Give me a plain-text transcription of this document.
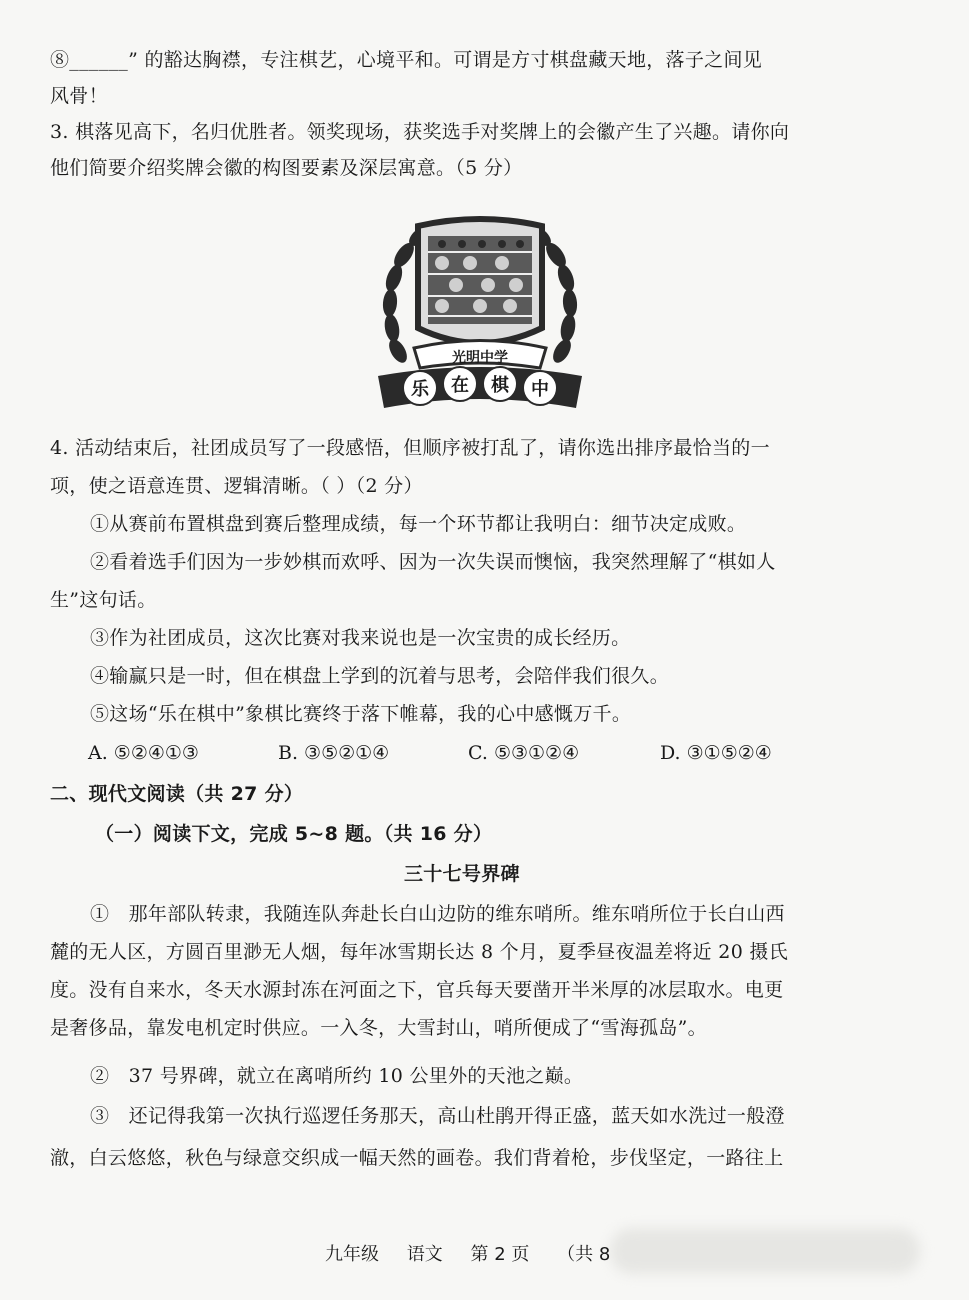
⑧______” 的豁达胸襟，专注棋艺，心境平和。可谓是方寸棋盘藏天地，落子之间见
风骨！
3. 棋落见高下，名归优胜者。领奖现场，获奖选手对奖牌上的会徽产生了兴趣。请你向
他们简要介绍奖牌会徽的构图要素及深层寓意。（5 分）
光明中学
乐 在 棋 中
4. 活动结束后，社团成员写了一段感悟，但顺序被打乱了，请你选出排序最恰当的一
项，使之语意连贯、逻辑清晰。（ ）（2 分）
①从赛前布置棋盘到赛后整理成绩，每一个环节都让我明白：细节决定成败。
②看着选手们因为一步妙棋而欢呼、因为一次失误而懊恼，我突然理解了“棋如人
生”这句话。
③作为社团成员，这次比赛对我来说也是一次宝贵的成长经历。
④输赢只是一时，但在棋盘上学到的沉着与思考，会陪伴我们很久。
⑤这场“乐在棋中”象棋比赛终于落下帷幕，我的心中感慨万千。
A. ⑤②④①③	B. ③⑤②①④	C. ⑤③①②④	D. ③①⑤②④
二、现代文阅读（共 27 分）
（一）阅读下文，完成 5~8 题。（共 16 分）
三十七号界碑
①　那年部队转隶，我随连队奔赴长白山边防的维东哨所。维东哨所位于长白山西
麓的无人区，方圆百里渺无人烟，每年冰雪期长达 8 个月，夏季昼夜温差将近 20 摄氏
度。没有自来水，冬天水源封冻在河面之下，官兵每天要凿开半米厚的冰层取水。电更
是奢侈品，靠发电机定时供应。一入冬，大雪封山，哨所便成了“雪海孤岛”。
②　37 号界碑，就立在离哨所约 10 公里外的天池之巅。
③　还记得我第一次执行巡逻任务那天，高山杜鹃开得正盛，蓝天如水洗过一般澄
澈，白云悠悠，秋色与绿意交织成一幅天然的画卷。我们背着枪，步伐坚定，一路往上
九年级 语文 第 2 页 （共 8
